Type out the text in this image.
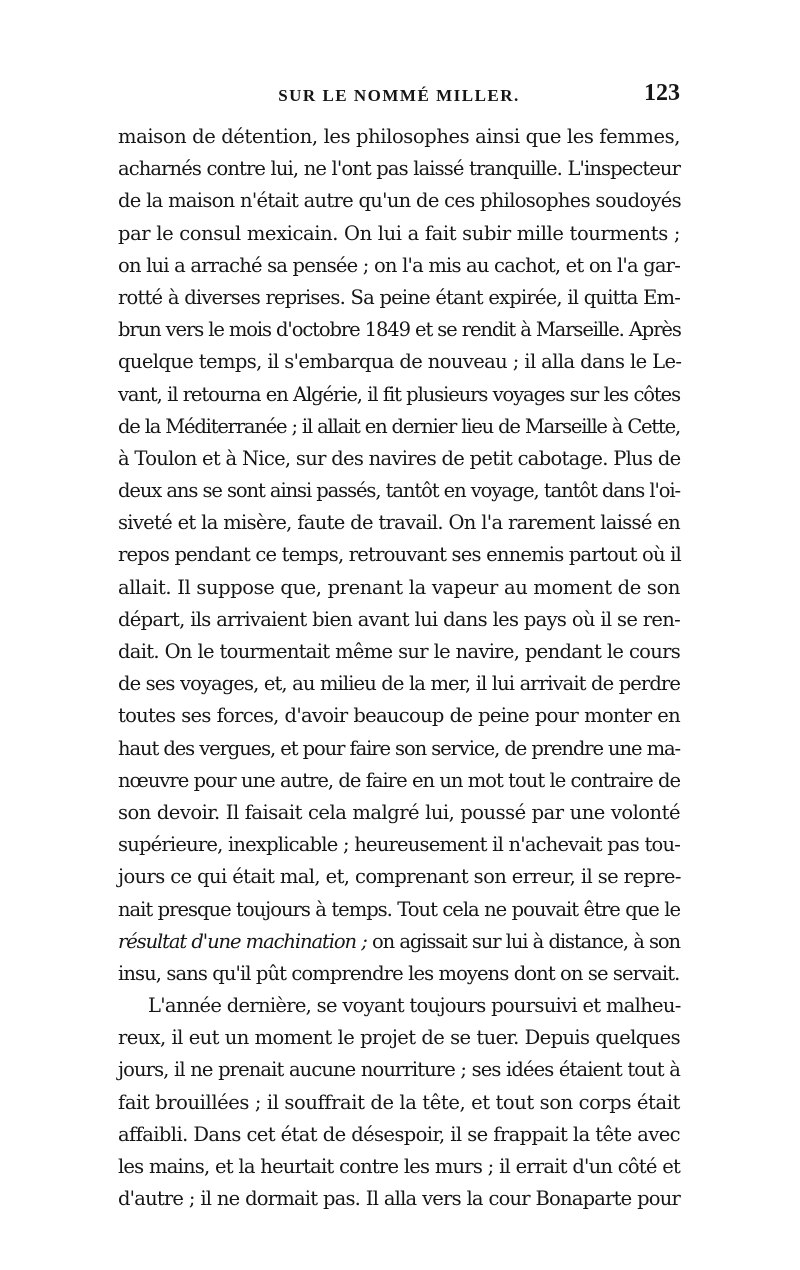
SUR LE NOMMÉ MILLER.	123
maison de détention, les philosophes ainsi que les femmes,
acharnés contre lui, ne l'ont pas laissé tranquille. L'inspecteur
de la maison n'était autre qu'un de ces philosophes soudoyés
par le consul mexicain. On lui a fait subir mille tourments ;
on lui a arraché sa pensée ; on l'a mis au cachot, et on l'a gar-
rotté à diverses reprises. Sa peine étant expirée, il quitta Em-
brun vers le mois d'octobre 1849 et se rendit à Marseille. Après
quelque temps, il s'embarqua de nouveau ; il alla dans le Le-
vant, il retourna en Algérie, il fit plusieurs voyages sur les côtes
de la Méditerranée ; il allait en dernier lieu de Marseille à Cette,
à Toulon et à Nice, sur des navires de petit cabotage. Plus de
deux ans se sont ainsi passés, tantôt en voyage, tantôt dans l'oi-
siveté et la misère, faute de travail. On l'a rarement laissé en
repos pendant ce temps, retrouvant ses ennemis partout où il
allait. Il suppose que, prenant la vapeur au moment de son
départ, ils arrivaient bien avant lui dans les pays où il se ren-
dait. On le tourmentait même sur le navire, pendant le cours
de ses voyages, et, au milieu de la mer, il lui arrivait de perdre
toutes ses forces, d'avoir beaucoup de peine pour monter en
haut des vergues, et pour faire son service, de prendre une ma-
nœuvre pour une autre, de faire en un mot tout le contraire de
son devoir. Il faisait cela malgré lui, poussé par une volonté
supérieure, inexplicable ; heureusement il n'achevait pas tou-
jours ce qui était mal, et, comprenant son erreur, il se repre-
nait presque toujours à temps. Tout cela ne pouvait être que le
résultat d'une machination ; on agissait sur lui à distance, à son
insu, sans qu'il pût comprendre les moyens dont on se servait.
L'année dernière, se voyant toujours poursuivi et malheu-
reux, il eut un moment le projet de se tuer. Depuis quelques
jours, il ne prenait aucune nourriture ; ses idées étaient tout à
fait brouillées ; il souffrait de la tête, et tout son corps était
affaibli. Dans cet état de désespoir, il se frappait la tête avec
les mains, et la heurtait contre les murs ; il errait d'un côté et
d'autre ; il ne dormait pas. Il alla vers la cour Bonaparte pour
